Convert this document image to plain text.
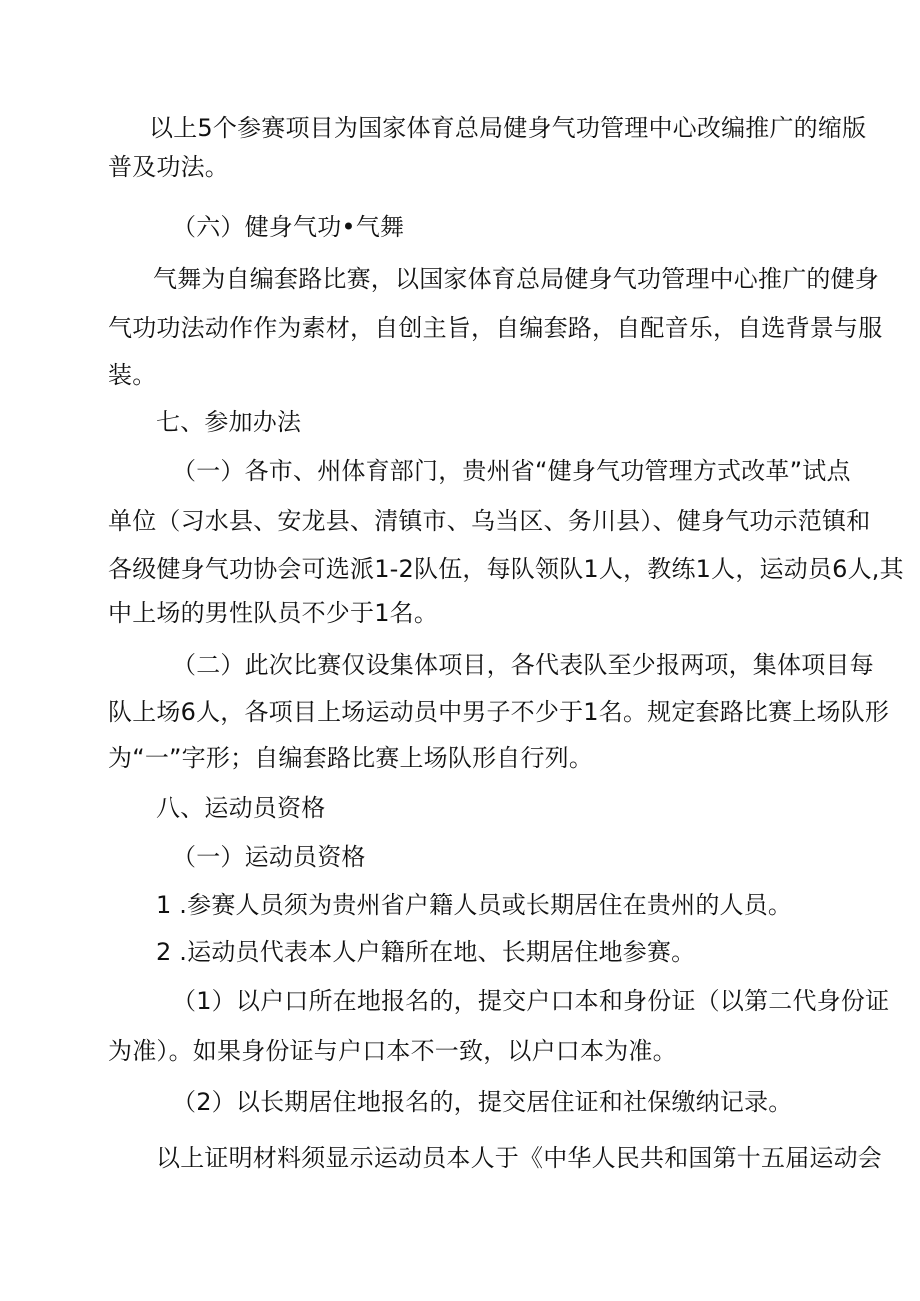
以上5个参赛项目为国家体育总局健身气功管理中心改编推广的缩版
普及功法。
（六）健身气功•气舞
气舞为自编套路比赛，以国家体育总局健身气功管理中心推广的健身
气功功法动作作为素材，自创主旨，自编套路，自配音乐，自选背景与服
装。
七、参加办法
（一）各市、州体育部门，贵州省“健身气功管理方式改革”试点
单位（习水县、安龙县、清镇市、乌当区、务川县）、健身气功示范镇和
各级健身气功协会可选派1-2队伍，每队领队1人，教练1人，运动员6人,其
中上场的男性队员不少于1名。
（二）此次比赛仅设集体项目，各代表队至少报两项，集体项目每
队上场6人，各项目上场运动员中男子不少于1名。规定套路比赛上场队形
为“一”字形；自编套路比赛上场队形自行列。
八、运动员资格
（一）运动员资格
1 .参赛人员须为贵州省户籍人员或长期居住在贵州的人员。
2 .运动员代表本人户籍所在地、长期居住地参赛。
（1）以户口所在地报名的，提交户口本和身份证（以第二代身份证
为准）。如果身份证与户口本不一致，以户口本为准。
（2）以长期居住地报名的，提交居住证和社保缴纳记录。
以上证明材料须显示运动员本人于《中华人民共和国第十五届运动会
